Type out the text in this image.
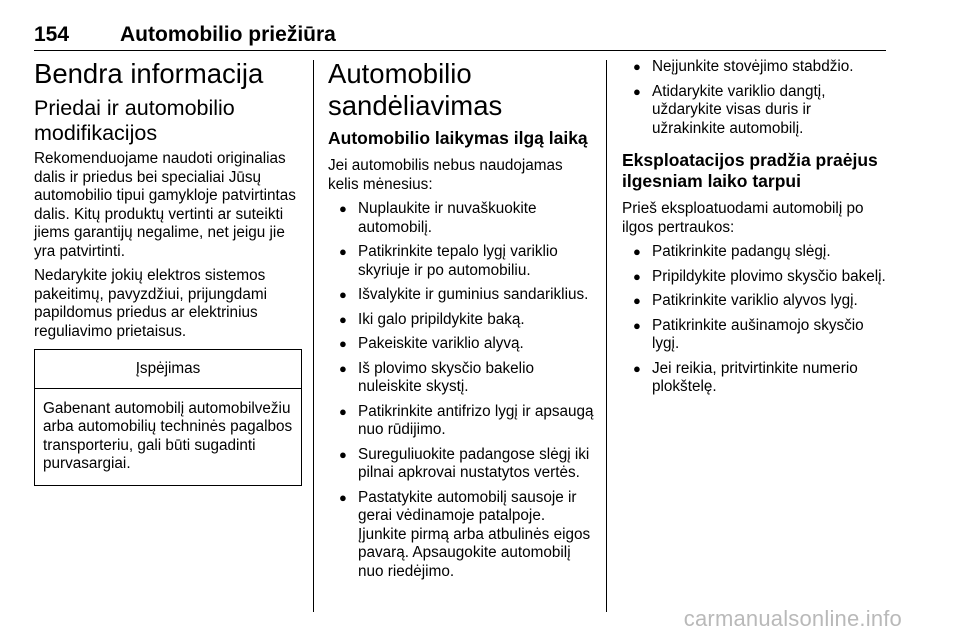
154 Automobilio priežiūra
Bendra informacija
Priedai ir automobilio modifikacijos

Rekomenduojame naudoti originalias dalis ir priedus bei specialiai Jūsų automobilio tipui gamykloje patvirtintas dalis. Kitų produktų vertinti ar suteikti jiems garantijų negalime, net jeigu jie yra patvirtinti.

Nedarykite jokių elektros sistemos pakeitimų, pavyzdžiui, prijungdami papildomus priedus ar elektrinius reguliavimo prietaisus.

Įspėjimas
Gabenant automobilį automobilvežiu arba automobilių techninės pagalbos transporteriu, gali būti sugadinti purvasargiai.
Automobilio sandėliavimas
Automobilio laikymas ilgą laiką

Jei automobilis nebus naudojamas kelis mėnesius:

● Nuplaukite ir nuvaškuokite automobilį.
● Patikrinkite tepalo lygį variklio skyriuje ir po automobiliu.
● Išvalykite ir guminius sandariklius.
● Iki galo pripildykite baką.
● Pakeiskite variklio alyvą.
● Iš plovimo skysčio bakelio nuleiskite skystį.
● Patikrinkite antifrizo lygį ir apsaugą nuo rūdijimo.
● Sureguliuokite padangose slėgį iki pilnai apkrovai nustatytos vertės.
● Pastatykite automobilį sausoje ir gerai vėdinamoje patalpoje. Įjunkite pirmą arba atbulinės eigos pavarą. Apsaugokite automobilį nuo riedėjimo.
● Neįjunkite stovėjimo stabdžio.
● Atidarykite variklio dangtį, uždarykite visas duris ir užrakinkite automobilį.
Eksploatacijos pradžia praėjus ilgesniam laiko tarpui

Prieš eksploatuodami automobilį po ilgos pertraukos:

● Patikrinkite padangų slėgį.
● Pripildykite plovimo skysčio bakelį.
● Patikrinkite variklio alyvos lygį.
● Patikrinkite aušinamojo skysčio lygį.
● Jei reikia, pritvirtinkite numerio plokštelę.
carmanualsonline.info
